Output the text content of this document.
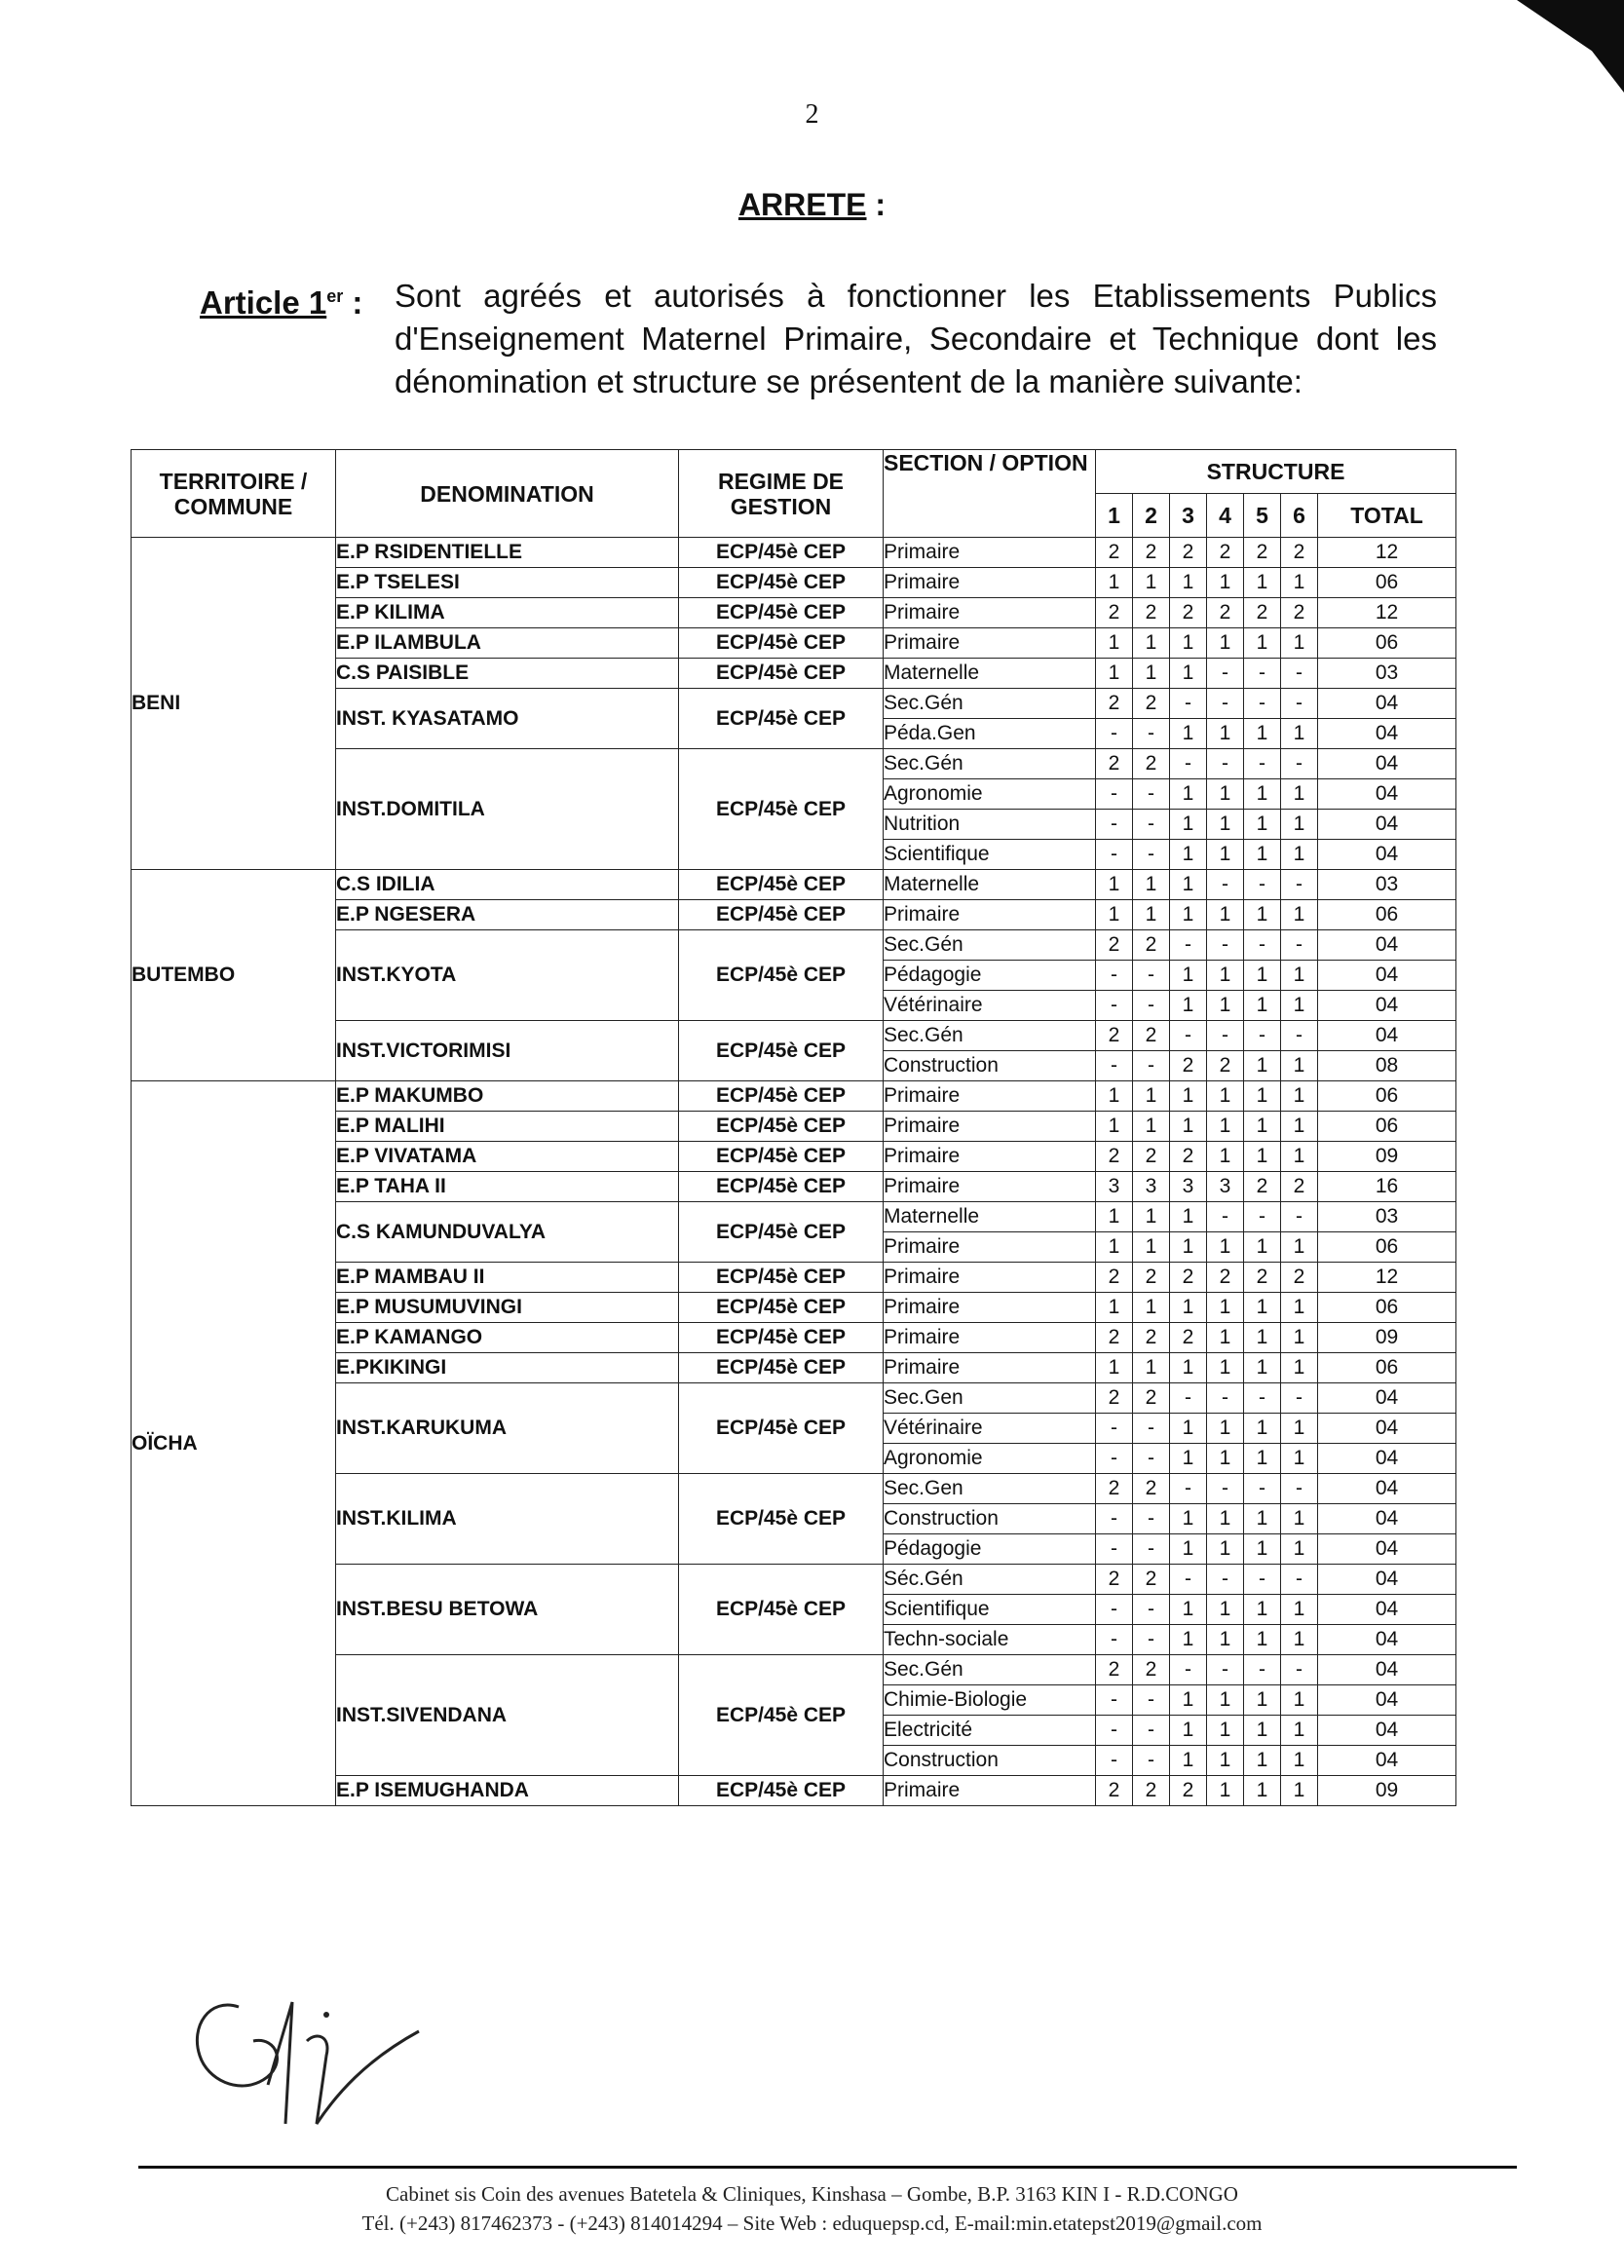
2
ARRETE :
Article 1er : Sont agréés et autorisés à fonctionner les Etablissements Publics d'Enseignement Maternel Primaire, Secondaire et Technique dont les dénomination et structure se présentent de la manière suivante:
TERRITOIRE / COMMUNE	DENOMINATION	REGIME DE GESTION	SECTION / OPTION	STRUCTURE						
				1	2	3	4	5	6	TOTAL
BENI	E.P RSIDENTIELLE	ECP/45è CEP	Primaire	2	2	2	2	2	2	12
	E.P TSELESI	ECP/45è CEP	Primaire	1	1	1	1	1	1	06
	E.P KILIMA	ECP/45è CEP	Primaire	2	2	2	2	2	2	12
	E.P ILAMBULA	ECP/45è CEP	Primaire	1	1	1	1	1	1	06
	C.S PAISIBLE	ECP/45è CEP	Maternelle	1	1	1	-	-	-	03
	INST. KYASATAMO	ECP/45è CEP	Sec.Gén	2	2	-	-	-	-	04
			Péda.Gen	-	-	1	1	1	1	04
	INST.DOMITILA	ECP/45è CEP	Sec.Gén	2	2	-	-	-	-	04
			Agronomie	-	-	1	1	1	1	04
			Nutrition	-	-	1	1	1	1	04
			Scientifique	-	-	1	1	1	1	04
BUTEMBO	C.S IDILIA	ECP/45è CEP	Maternelle	1	1	1	-	-	-	03
	E.P NGESERA	ECP/45è CEP	Primaire	1	1	1	1	1	1	06
	INST.KYOTA	ECP/45è CEP	Sec.Gén	2	2	-	-	-	-	04
			Pédagogie	-	-	1	1	1	1	04
			Vétérinaire	-	-	1	1	1	1	04
	INST.VICTORIMISI	ECP/45è CEP	Sec.Gén	2	2	-	-	-	-	04
			Construction	-	-	2	2	1	1	08
OÏCHA	E.P MAKUMBO	ECP/45è CEP	Primaire	1	1	1	1	1	1	06
	E.P MALIHI	ECP/45è CEP	Primaire	1	1	1	1	1	1	06
	E.P VIVATAMA	ECP/45è CEP	Primaire	2	2	2	1	1	1	09
	E.P TAHA II	ECP/45è CEP	Primaire	3	3	3	3	2	2	16
	C.S KAMUNDUVALYA	ECP/45è CEP	Maternelle	1	1	1	-	-	-	03
			Primaire	1	1	1	1	1	1	06
	E.P MAMBAU II	ECP/45è CEP	Primaire	2	2	2	2	2	2	12
	E.P MUSUMUVINGI	ECP/45è CEP	Primaire	1	1	1	1	1	1	06
	E.P KAMANGO	ECP/45è CEP	Primaire	2	2	2	1	1	1	09
	E.PKIKINGI	ECP/45è CEP	Primaire	1	1	1	1	1	1	06
	INST.KARUKUMA	ECP/45è CEP	Sec.Gen	2	2	-	-	-	-	04
			Vétérinaire	-	-	1	1	1	1	04
			Agronomie	-	-	1	1	1	1	04
	INST.KILIMA	ECP/45è CEP	Sec.Gen	2	2	-	-	-	-	04
			Construction	-	-	1	1	1	1	04
			Pédagogie	-	-	1	1	1	1	04
	INST.BESU BETOWA	ECP/45è CEP	Séc.Gén	2	2	-	-	-	-	04
			Scientifique	-	-	1	1	1	1	04
			Techn-sociale	-	-	1	1	1	1	04
	INST.SIVENDANA	ECP/45è CEP	Sec.Gén	2	2	-	-	-	-	04
			Chimie-Biologie	-	-	1	1	1	1	04
			Electricité	-	-	1	1	1	1	04
			Construction	-	-	1	1	1	1	04
	E.P ISEMUGHANDA	ECP/45è CEP	Primaire	2	2	2	1	1	1	09
Cabinet sis Coin des avenues Batetela & Cliniques, Kinshasa – Gombe, B.P. 3163 KIN I - R.D.CONGO
Tél. (+243) 817462373 - (+243) 814014294 – Site Web : eduquepsp.cd, E-mail:min.etatepst2019@gmail.com
